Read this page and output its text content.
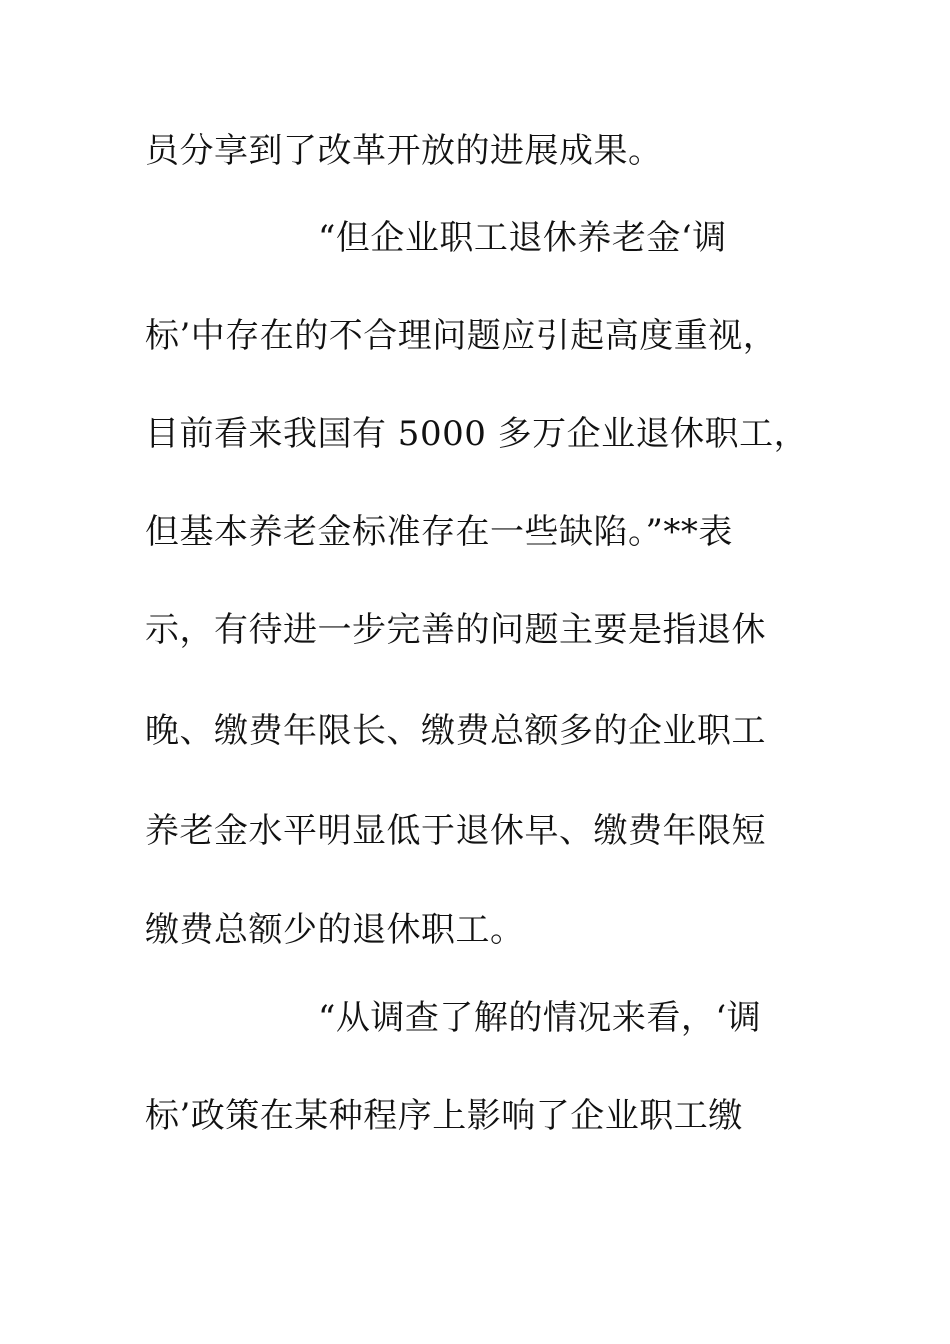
员分享到了改革开放的进展成果。
“但企业职工退休养老金‘调
标’中存在的不合理问题应引起高度重视，
目前看来我国有 5000 多万企业退休职工，
但基本养老金标准存在一些缺陷。”**表
示，有待进一步完善的问题主要是指退休
晚、缴费年限长、缴费总额多的企业职工
养老金水平明显低于退休早、缴费年限短
缴费总额少的退休职工。
“从调查了解的情况来看，‘调
标’政策在某种程序上影响了企业职工缴
